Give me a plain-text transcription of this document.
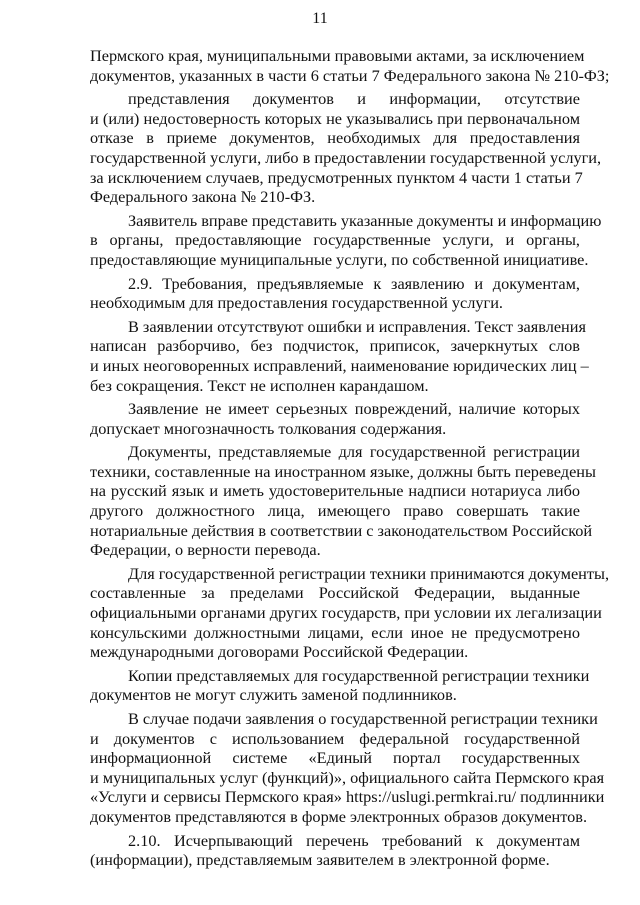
11
Пермского края, муниципальными правовыми актами, за исключением
документов, указанных в части 6 статьи 7 Федерального закона № 210-ФЗ;
представления документов и информации, отсутствие
и (или) недостоверность которых не указывались при первоначальном
отказе в приеме документов, необходимых для предоставления
государственной услуги, либо в предоставлении государственной услуги,
за исключением случаев, предусмотренных пунктом 4 части 1 статьи 7
Федерального закона № 210-ФЗ.
Заявитель вправе представить указанные документы и информацию
в органы, предоставляющие государственные услуги, и органы,
предоставляющие муниципальные услуги, по собственной инициативе.
2.9. Требования, предъявляемые к заявлению и документам,
необходимым для предоставления государственной услуги.
В заявлении отсутствуют ошибки и исправления. Текст заявления
написан разборчиво, без подчисток, приписок, зачеркнутых слов
и иных неоговоренных исправлений, наименование юридических лиц –
без сокращения. Текст не исполнен карандашом.
Заявление не имеет серьезных повреждений, наличие которых
допускает многозначность толкования содержания.
Документы, представляемые для государственной регистрации
техники, составленные на иностранном языке, должны быть переведены
на русский язык и иметь удостоверительные надписи нотариуса либо
другого должностного лица, имеющего право совершать такие
нотариальные действия в соответствии с законодательством Российской
Федерации, о верности перевода.
Для государственной регистрации техники принимаются документы,
составленные за пределами Российской Федерации, выданные
официальными органами других государств, при условии их легализации
консульскими должностными лицами, если иное не предусмотрено
международными договорами Российской Федерации.
Копии представляемых для государственной регистрации техники
документов не могут служить заменой подлинников.
В случае подачи заявления о государственной регистрации техники
и документов с использованием федеральной государственной
информационной системе «Единый портал государственных
и муниципальных услуг (функций)», официального сайта Пермского края
«Услуги и сервисы Пермского края» https://uslugi.permkrai.ru/ подлинники
документов представляются в форме электронных образов документов.
2.10. Исчерпывающий перечень требований к документам
(информации), представляемым заявителем в электронной форме.
